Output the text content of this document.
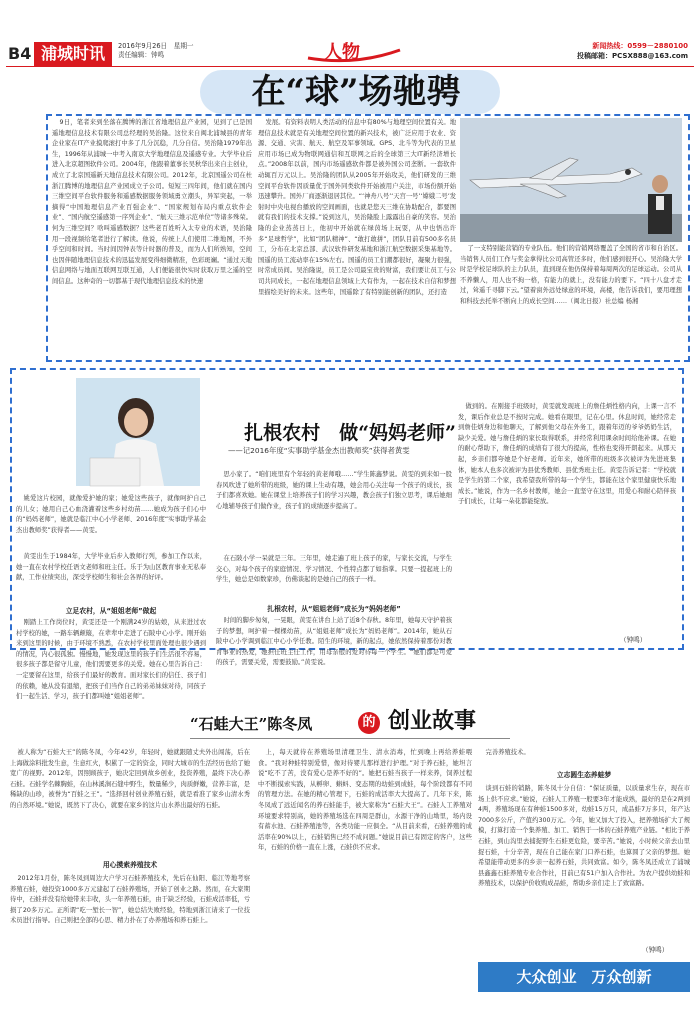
B4 浦城时讯	2016年9月26日　星期一
责任编辑：钟鸣	人物	新闻热线：0599－2880100
投稿邮箱：PCSX888@163.com
在“球”场驰骋

9日，笔者来到坐落在腾博的浙江省地理信息产业园，见到了已是国遥地理信息技术有限公司总经理的吴治隆。这位来自闽北浦城县的青年企业家在IT产业摸爬滚打中多了几分沉稳，几分自信。吴治隆1979年出生，1996年从浦城一中考入南京大学地理信息及遥感专业。大学毕业后进入北京超图软件公司。2004年，他跟着董事长吴秋华出来自主创业，成立了北京国遥新天地信息技术有限公司。2012年，北京国遥公司在杜浙江腾博的地理信息产业园成立子公司。短短三四年间，他们就在国内三维空间平台软件服务和遥感数据服务领域勇立潮头，异军突起，一举摘得“中国地理信息产业百强企业”、“国家规划布局内重点软件企业”、“国内航空遥感第一序列企业”、“航天三维示范单位”等诸多殊荣。何为三维空间？啥叫遥感数据？这些老百姓听入太专业的术语，吴治隆用一段视频给笔者进行了解读。他说，传统上人们使用二维地图，不外乎空间和时间。当时间因钟表等计时器的普及，而为人们所熟知，空间也因伴随地理信息技术的迅猛发展变得细微精准，色彩斑斓。“通过天地信息网络与地面互联网互联互通，人们便能很快实时获取万里之遥的空间信息。这种奇的一切都基于现代地理信息技术的快速

发展。有资料表明人类活动的信息中有80%与地理空间位置有关。地理信息技术就是有关地理空间位置的新兴技术，被广泛应用于农业、资源、交通、灾害、航天、航空及军事领域。GPS、北斗等为代表的卫星应用市场已成为物联网通信和互联网之后的全球第三大IT新经济增长点。”2008年以前，国内市场遥感软件都是被外国公司垄断。一套软件动辄百万元以上。吴治隆的团队从2005年开始攻关，他们研发的三维空间平台软件因质量优于国外同类软件开始被用户关注，市场份额开始迅速攀升。国外厂商逐渐退居其位。“‘神舟八号’‘天宫一号’‘嫦娥二号’发射时中央电视台播放的空间画面，也就是您天三维在协助配合，都要图就有我们的技术支撑。”说到这儿，吴治隆脸上露露出自豪的笑容。吴治隆的企业蒸蒸日上，他初中开始就在绿茵场上玩耍，从中也悟出许多“足球哲学”，比如“团队精神”、“敢打敢拼”，团队目前有500多名员工，分布在北京总部、武汉软件研发基地和浙江航空数据采集基地等。国遥的员工流动率在15%左右。国遥的员工们潮都很好，凝聚力很强，时常成员间。吴治隆说，员工是公司最宝贵的财富，我们要让员工与公司共同成长，一起在地理信息领域上大有作为，一起在技术自信和梦想里描绘美好的未来。这些年，国遥除了有特别能创新的团队，还打造

了一支特别能营销的专业队伍。他们的营销网络覆盖了全国的省市和自治区。当销售人员们工作与奖金拿得比公司高管还多时，他们感到很开心。吴治隆大学时是学校足球队的主力队员，直到现在他仍保持着每周两次的足球运动。公司从不养懒人，用人也不拘一格，有能力的就上，没有能力的要下。“四十八盘才走过，耸遥千寻脚下云。”望着窗外远处绿意的环境，高楼，他告诉我们，要用理想和科技去托举不断向上的成长空间……（闽北日报）社总编 杨湘

扎根农村　做“妈妈老师”
——记2016年度“实事助学基金杰出教师奖”获得者黄雯

姚爱这片校园，就像爱护她的家；她爱这些孩子，就像呵护自己的儿女；她用自己心血浇灌着这些乡村幼苗……她成为孩子们心中的“妈妈老师”，她就是临江中心小学老师、2016年度“实事助学基金杰出教师奖”获得者——黄雯。

黄雯出生于1984年，大学毕业后步入教师行列，参加工作以来，她一直在农村学校任语文老师和班主任。乐于为山区教育事业无私奉献，工作业绩突出，深受学校师生和社会各界的好评。

立足农村，从“姐姐老师”做起

刚踏上工作岗位时，黄雯还是一个刚满24岁的姑娘，从来进过农村学校的她，一路车辆颠簸，在辈辈中走进了石陂中心小学。刚开始来到这里的时候，由于环境不熟悉，在农村学校里面处理也很少遇到的情况，内心很孤独。慢慢地，她发现这里的孩子们生活很不容易，很多孩子都是留守儿童，他们需要更多的关爱。她在心里告诉自己：一定要留在这里，给孩子们最好的教育。面对家长们的信任、孩子们的依赖，她从没有退缩，把孩子们当作自己的弟弟妹妹对待，同孩子们一起生活、学习，孩子们都叫她“姐姐老师”。

思小家了。“咱们班里有个年轻的黄老师哦……”学生陈鑫梦说。黄雯的到来如一股春风吹进了她所带的班级，她的课上生动有趣，她会用心关注每一个孩子的成长，孩子们都喜欢她。她在课堂上培养孩子们的学习兴趣，教会孩子们独立思考，课后她细心地辅导孩子们做作业，孩子们的成绩逐步提高了。

在石陂小学一呆就是三年。三年里，她走遍了班上孩子的家，与家长交流，与学生交心，对每个孩子的家庭情况、学习情况、个性特点都了如指掌。只要一提起班上的学生，她总是如数家珍，仿佛谈起的是她自己的孩子一样。

扎根农村，从“姐姐老师”成长为“妈妈老师”

时间的脚步匆匆，一晃眼，黄雯在讲台上站了近8个春秋。8年里，她每天守护着孩子的梦想，呵护着一棵棵幼苗，从“姐姐老师”成长为“妈妈老师”。2014年，她从石陂中心小学调到临江中心小学任教。陌生的环境，新的起点，她依然保持着那份对教育事业的热爱，她担任班主任工作，用母亲般的爱对待每一个学生。“她们都是可爱的孩子，需要关爱，需要鼓励。”黄雯说。

做到的。在刚接手班级时，黄雯就发现班上的詹佳炳性格内向，上课一言不发，课后作业总是不按时完成。她看在眼里，记在心里。休息时间，她经常走到詹佳炳身边和他聊天，了解到他父母在外务工，跟着年迈的爷爷奶奶生活，缺少关爱。她与詹佳炳的家长取得联系，并经常利用课余时间给他补课。在她的耐心帮助下，詹佳炳的成绩有了很大的提高，性格也变得开朗起来。从那天起，乡亲们都夸她是个好老师。近年来，她所带的班级多次被评为先进班集体，她本人也多次被评为县优秀教师、县优秀班主任。黄雯告诉记者：“学校就是学生的第二个家，我希望我所带的每一个学生，都能在这个家里健康快乐地成长。”她说，作为一名乡村教师，她会一直坚守在这里，用爱心和耐心陪伴孩子们成长，让每一朵花都能绽放。

（钟鸣）
“石蛙大王”陈冬凤	的 创业故事

被人称为“石蛙大王”的陈冬凤，今年42岁，年轻时，她就跟随丈夫外出闯荡，后在上海做涂料批发生意，生意红火，积累了一定的资金，同时大城市的生活经历也给了她宽广的视野。2012年，因照顾孩子，她决定回到故乡创业，投资养殖，最终下决心养石蛙。石蛙学名棘胸蛙，在山林溪涧石缝中野生，数量稀少，肉质鲜嫩，营养丰富，是稀缺的山珍，被誉为“百蛙之王”。“选择回村创业养殖石蛙，就是看准了家乡山清水秀的自然环境。”她说，既然下了决心，就要在家乡的这片山水养出最好的石蛙。

用心摸索养殖技术

2012年1月份，陈冬凤到周边大户学习石蛙养殖技术，先后在仙阳、临江等地考察养殖石蛙，她投资1000多万元建起了石蛙养殖场，开始了创业之路。然而，在大家期待中，石蛙并没有给她带来丰收，头一年养殖石蛙，由于缺乏经验，石蛙成活率低，亏损了20多万元。正所谓“吃一堑长一智”，她总结失败经验，特地到浙江请来了一位技术员进行指导。自己则把全部的心思、精力扑在了办养殖场和养石蛙上。

上，每天就待在养殖场里清理卫生、清水消毒，忙到晚上再给养蛙喂食。“我对种蛙特别爱惜，像对待婴儿那样进行护理。”对于养石蛙，她坦言说“吃不了苦，没有爱心是养不好的”。她把石蛙当孩子一样来养，饲养过程中不断摸索实践，从孵卵、蝌蚪、变态期的幼蛙到成蛙，每个阶段都有不同的管理方法。在她的精心管理下，石蛙的成活率大大提高了。几年下来，陈冬凤成了远近闻名的养石蛙能手，被大家称为“石蛙大王”。石蛙人工养殖对环境要求特别高，她的养殖场选在四周是群山，水源干净的山坳里，场内设有蓄水池、石蛙养殖池等，各类功能一应俱全。“从目前来看，石蛙养殖的成活率在90%以上，石蛙销售已经不成问题。”她说目前已有固定的客户，这些年，石蛙的价格一直在上涨，石蛙供不应求。

完善养殖技术。

立志圆生态养蛙梦

谈到石蛙的销路，陈冬凤十分自信：“保证质量，以质量求生存，现在市场上供不应求。”她说，石蛙人工养殖一般要3年才能成熟，最好的是在2两到4两，养殖场现在有种蛙1500多对，幼蛙15万只，成品蛙7万多只，年产达7000多公斤，产值约300万元。今年，她又加大了投入，把养殖场扩大了规模，打算打造一个集养殖、加工、销售于一体的石蛙养殖产业链。“相比于养石蛙，到山沟里去捕捉野生石蛙更危险，要辛苦。”她说，小时候父亲去山里捉石蛙，十分辛苦，现在自己能在家门口养石蛙，也算圆了父亲的梦想。她希望能带动更多的乡亲一起养石蛙，共同致富。如今，陈冬凤还成立了浦城县鑫鑫石蛙养殖专业合作社，目前已有51户加入合作社。为农户提供幼蛙和养殖技术，以保护价收购成品蛙，帮助乡亲们走上了致富路。

（钟鸣）
大众创业　万众创新
